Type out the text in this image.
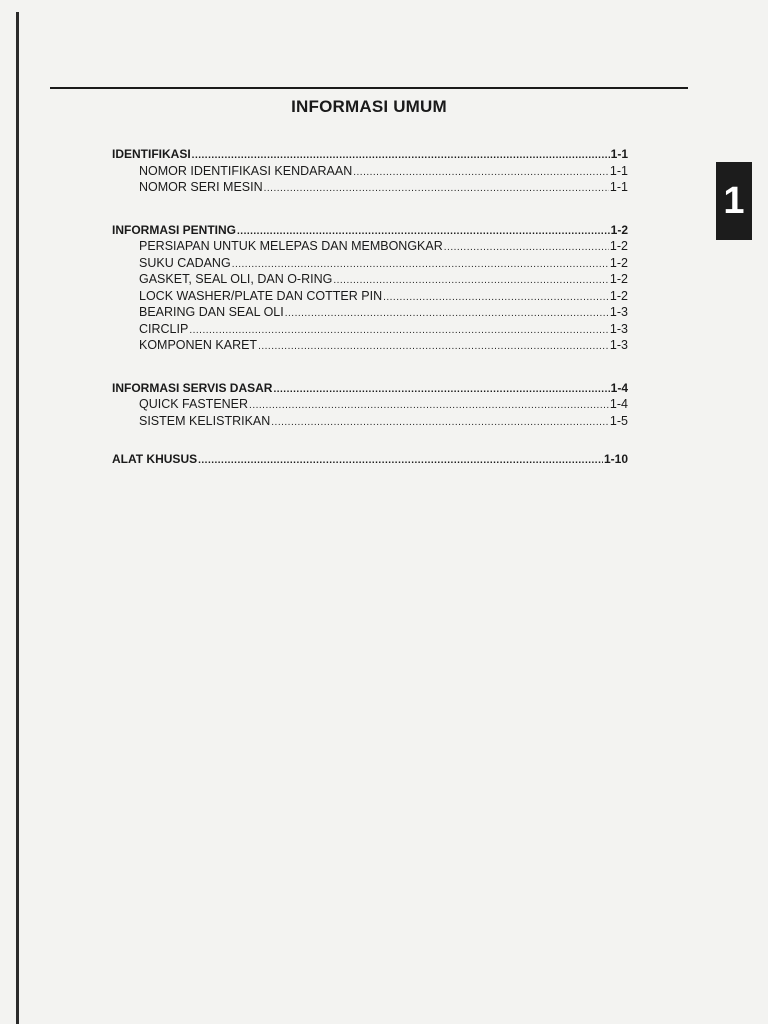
INFORMASI UMUM
1
IDENTIFIKASI .....	1-1
NOMOR IDENTIFIKASI KENDARAAN .....	1-1
NOMOR SERI MESIN .....	1-1
INFORMASI PENTING .....	1-2
PERSIAPAN UNTUK MELEPAS DAN MEMBONGKAR .....	1-2
SUKU CADANG .....	1-2
GASKET, SEAL OLI, DAN O-RING .....	1-2
LOCK WASHER/PLATE DAN COTTER PIN .....	1-2
BEARING DAN SEAL OLI .....	1-3
CIRCLIP .....	1-3
KOMPONEN KARET .....	1-3
INFORMASI SERVIS DASAR .....	1-4
QUICK FASTENER .....	1-4
SISTEM KELISTRIKAN .....	1-5
ALAT KHUSUS .....	1-10
